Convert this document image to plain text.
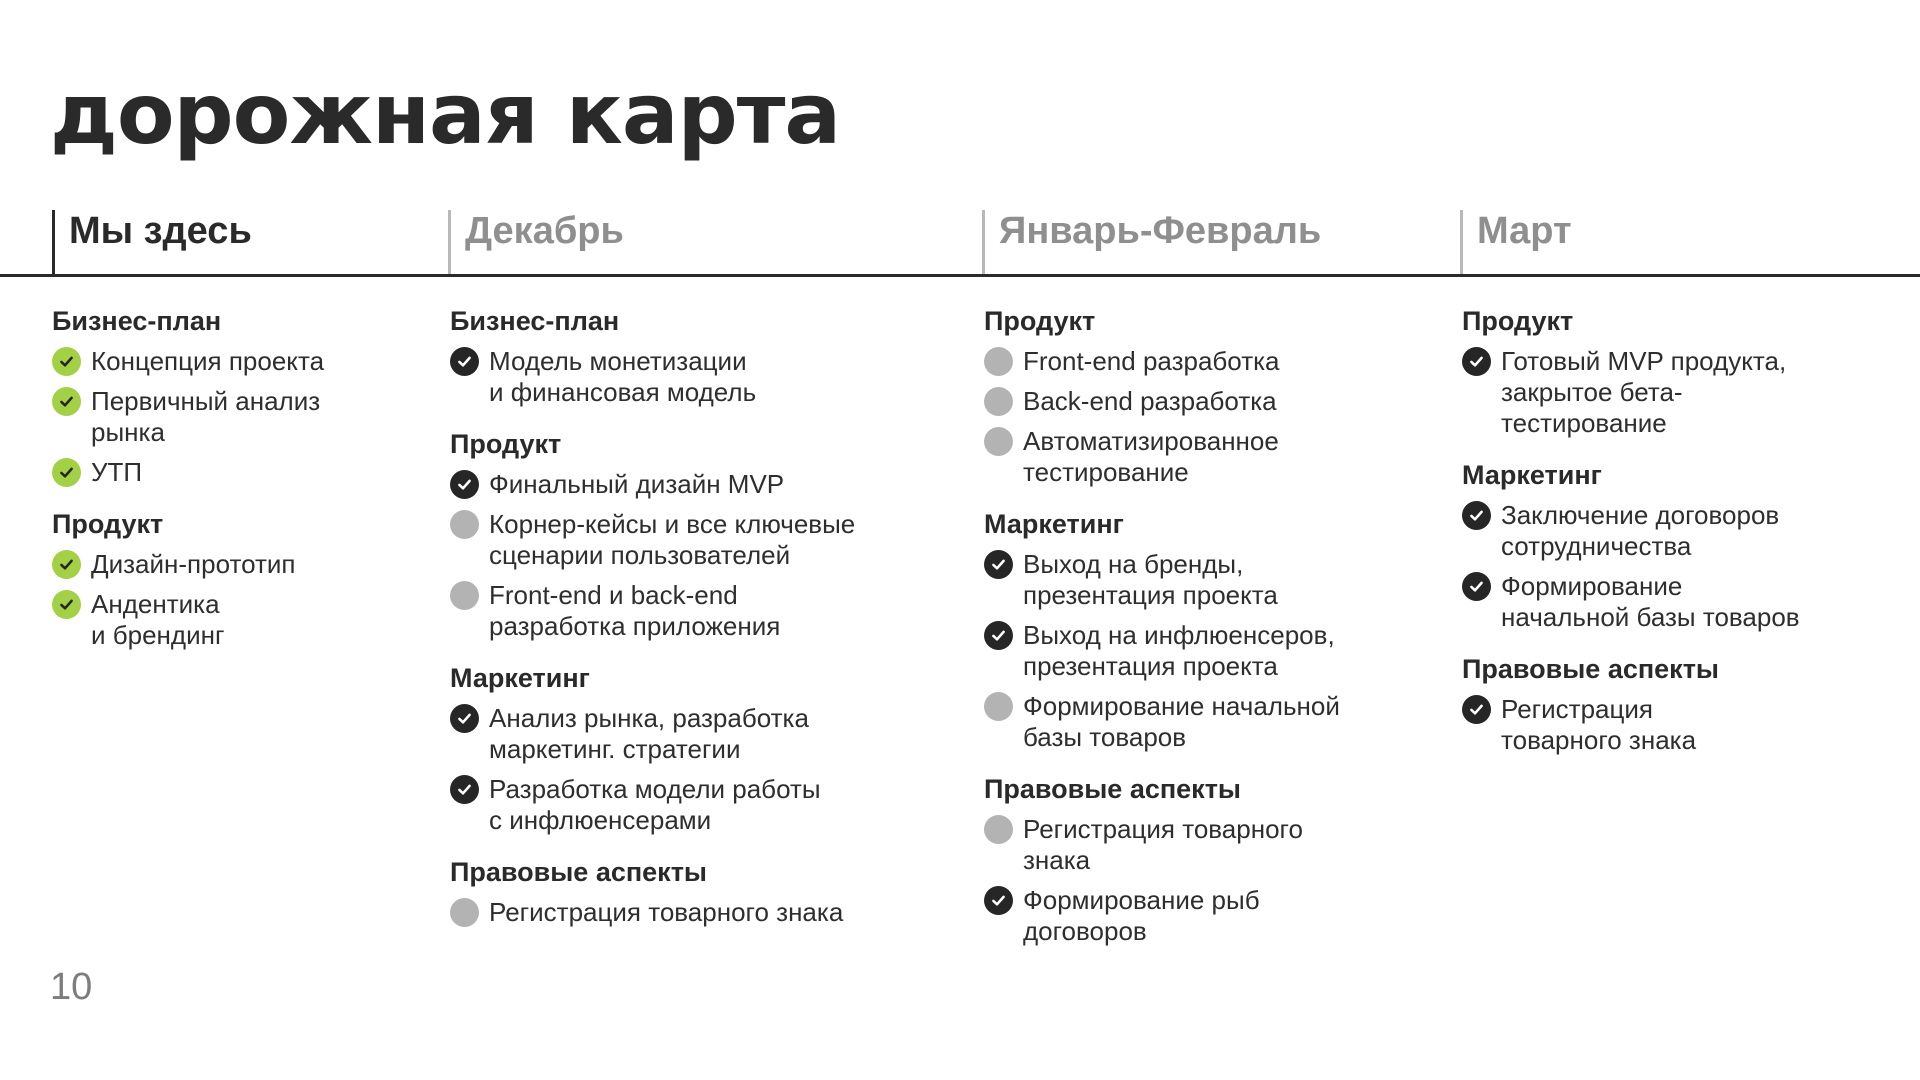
дорожная карта
Мы здесь	Декабрь	Январь-Февраль	Март
Бизнес-план
Концепция проекта
Первичный анализ
рынка
УТП
Продукт
Дизайн-прототип
Андентика
и брендинг
Бизнес-план
Модель монетизации
и финансовая модель
Продукт
Финальный дизайн MVP
Корнер-кейсы и все ключевые
сценарии пользователей
Front-end и back-end
разработка приложения
Маркетинг
Анализ рынка, разработка
маркетинг. стратегии
Разработка модели работы
с инфлюенсерами
Правовые аспекты
Регистрация товарного знака
Продукт
Front-end разработка
Back-end разработка
Автоматизированное
тестирование
Маркетинг
Выход на бренды,
презентация проекта
Выход на инфлюенсеров,
презентация проекта
Формирование начальной
базы товаров
Правовые аспекты
Регистрация товарного
знака
Формирование рыб
договоров
Продукт
Готовый MVP продукта,
закрытое бета-
тестирование
Маркетинг
Заключение договоров
сотрудничества
Формирование
начальной базы товаров
Правовые аспекты
Регистрация
товарного знака
10
